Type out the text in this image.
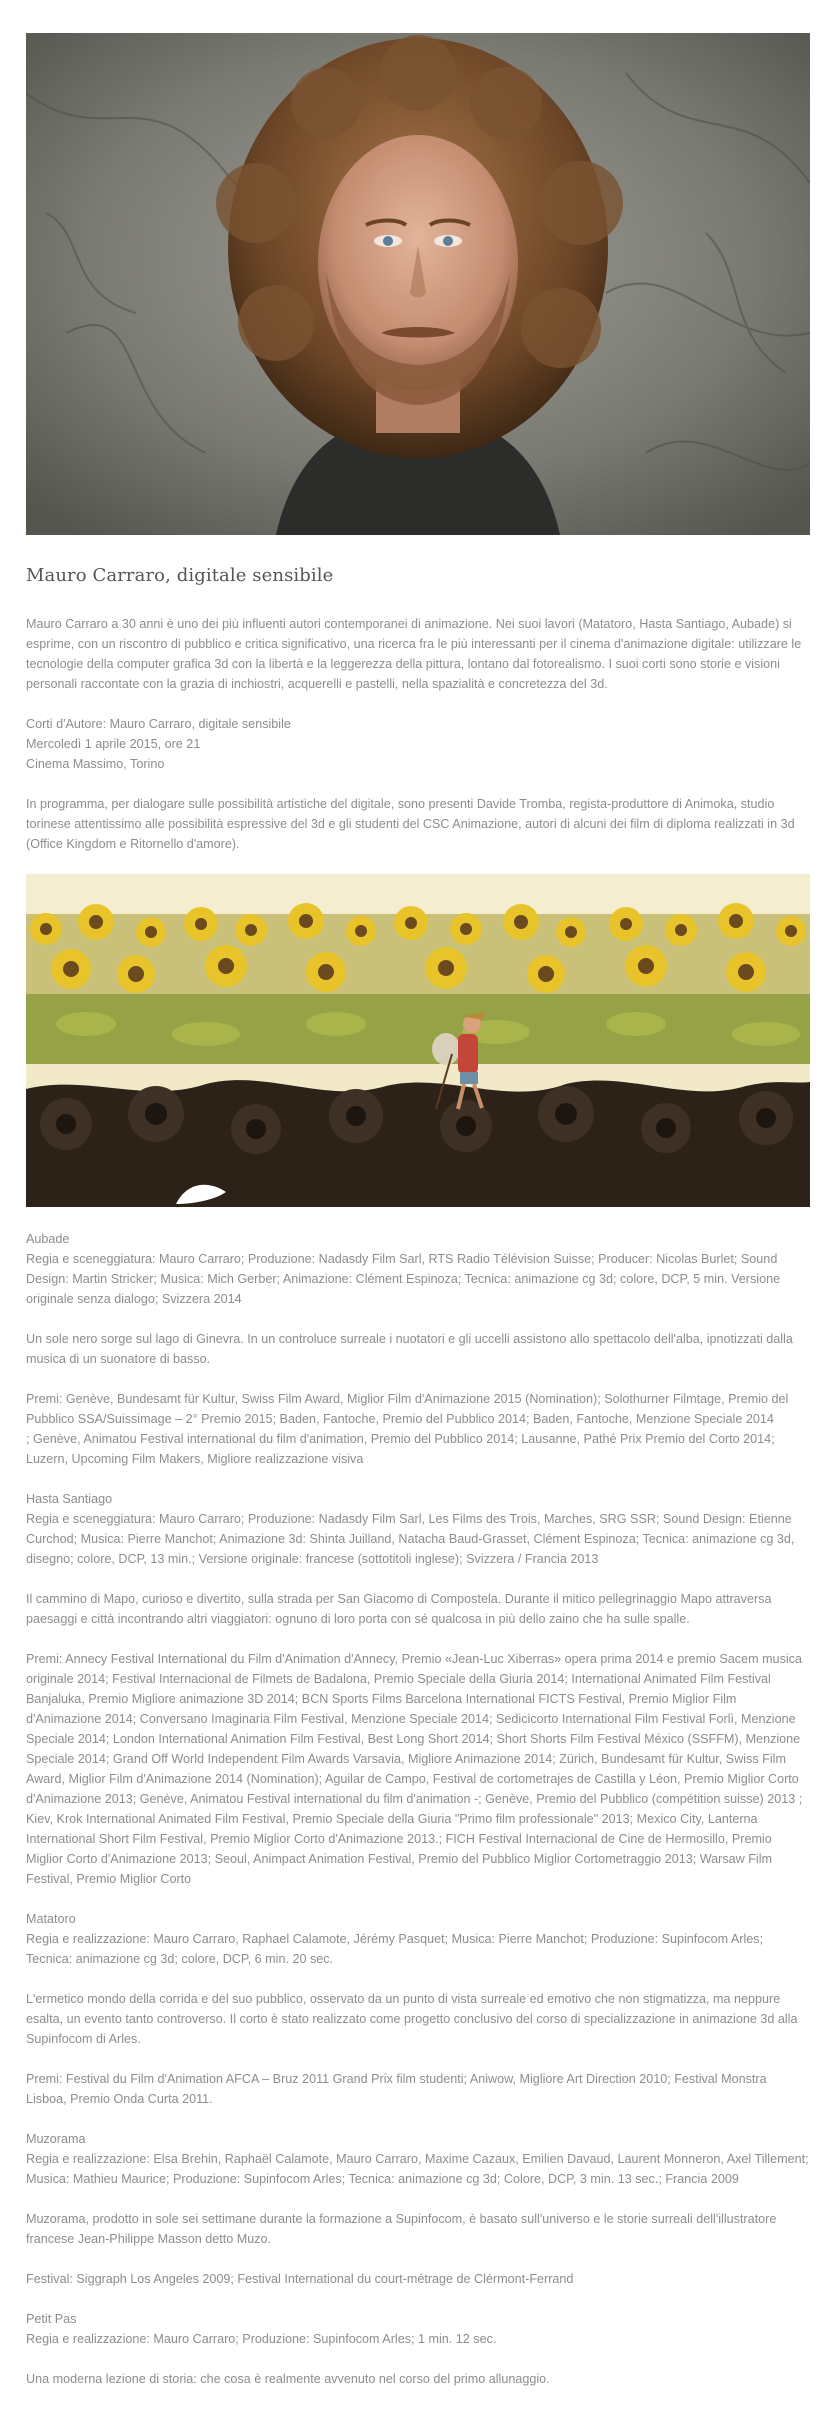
Mauro Carraro, digitale sensibile

Mauro Carraro a 30 anni è uno dei più influenti autori contemporanei di animazione. Nei suoi lavori (Matatoro, Hasta Santiago, Aubade) si esprime, con un riscontro di pubblico e critica significativo, una ricerca fra le più interessanti per il cinema d'animazione digitale: utilizzare le tecnologie della computer grafica 3d con la libertà e la leggerezza della pittura, lontano dal fotorealismo. I suoi corti sono storie e visioni personali raccontate con la grazia di inchiostri, acquerelli e pastelli, nella spazialità e concretezza del 3d.

Corti d'Autore: Mauro Carraro, digitale sensibile
Mercoledì 1 aprile 2015, ore 21
Cinema Massimo, Torino

In programma, per dialogare sulle possibilità artistiche del digitale, sono presenti Davide Tromba, regista-produttore di Animoka, studio torinese attentissimo alle possibilità espressive del 3d e gli studenti del CSC Animazione, autori di alcuni dei film di diploma realizzati in 3d (Office Kingdom e Ritornello d'amore).

Aubade
Regia e sceneggiatura: Mauro Carraro; Produzione: Nadasdy Film Sarl, RTS Radio Télévision Suisse; Producer: Nicolas Burlet; Sound Design: Martin Stricker; Musica: Mich Gerber; Animazione: Clément Espinoza; Tecnica: animazione cg 3d; colore, DCP, 5 min. Versione
originale senza dialogo; Svizzera 2014

Un sole nero sorge sul lago di Ginevra. In un controluce surreale i nuotatori e gli uccelli assistono allo spettacolo dell'alba, ipnotizzati dalla musica di un suonatore di basso.

Premi: Genève, Bundesamt für Kultur, Swiss Film Award, Miglior Film d'Animazione 2015 (Nomination); Solothurner Filmtage, Premio del Pubblico SSA/Suissimage – 2° Premio 2015; Baden, Fantoche, Premio del Pubblico 2014; Baden, Fantoche, Menzione Speciale 2014
; Genève, Animatou Festival international du film d'animation, Premio del Pubblico 2014; Lausanne, Pathé Prix Premio del Corto 2014; Luzern, Upcoming Film Makers, Migliore realizzazione visiva

Hasta Santiago
Regia e sceneggiatura: Mauro Carraro; Produzione: Nadasdy Film Sarl, Les Films des Trois, Marches, SRG SSR; Sound Design: Etienne Curchod; Musica: Pierre Manchot; Animazione 3d: Shinta Juilland, Natacha Baud-Grasset, Clément Espinoza; Tecnica: animazione cg 3d, disegno; colore, DCP, 13 min.; Versione originale: francese (sottotitoli inglese); Svizzera / Francia 2013

Il cammino di Mapo, curioso e divertito, sulla strada per San Giacomo di Compostela. Durante il mitico pellegrinaggio Mapo attraversa paesaggi e città incontrando altri viaggiatori: ognuno di loro porta con sé qualcosa in più dello zaino che ha sulle spalle.

Premi: Annecy Festival International du Film d'Animation d'Annecy, Premio «Jean-Luc Xiberras» opera prima 2014 e premio Sacem musica originale 2014; Festival Internacional de Filmets de Badalona, Premio Speciale della Giuria 2014; International Animated Film Festival Banjaluka, Premio Migliore animazione 3D 2014; BCN Sports Films Barcelona International FICTS Festival, Premio Miglior Film d'Animazione 2014; Conversano Imaginaria Film Festival, Menzione Speciale 2014; Sedicicorto International Film Festival Forlì, Menzione Speciale 2014; London International Animation Film Festival, Best Long Short 2014; Short Shorts Film Festival México (SSFFM), Menzione Speciale 2014; Grand Off World Independent Film Awards Varsavia, Migliore Animazione 2014; Zürich, Bundesamt für Kultur, Swiss Film Award, Miglior Film d'Animazione 2014 (Nomination); Aguilar de Campo, Festival de cortometrajes de Castilla y Léon, Premio Miglior Corto d'Animazione 2013; Genève, Animatou Festival international du film d'animation -; Genève, Premio del Pubblico (compétition suisse) 2013 ; Kiev, Krok International Animated Film Festival, Premio Speciale della Giuria "Primo film professionale" 2013; Mexico City, Lanterna International Short Film Festival, Premio Miglior Corto d'Animazione 2013.; FICH Festival Internacional de Cine de Hermosillo, Premio Miglior Corto d'Animazione 2013; Seoul, Animpact Animation Festival, Premio del Pubblico Miglior Cortometraggio 2013; Warsaw Film Festival, Premio Miglior Corto

Matatoro
Regia e realizzazione: Mauro Carraro, Raphael Calamote, Jérémy Pasquet; Musica: Pierre Manchot; Produzione: Supinfocom Arles; Tecnica: animazione cg 3d; colore, DCP, 6 min. 20 sec.

L'ermetico mondo della corrida e del suo pubblico, osservato da un punto di vista surreale ed emotivo che non stigmatizza, ma neppure esalta, un evento tanto controverso. Il corto è stato realizzato come progetto conclusivo del corso di specializzazione in animazione 3d alla Supinfocom di Arles.

Premi: Festival du Film d'Animation AFCA – Bruz 2011 Grand Prix film studenti; Aniwow, Migliore Art Direction 2010; Festival Monstra Lisboa, Premio Onda Curta 2011.

Muzorama
Regia e realizzazione: Elsa Brehin, Raphaël Calamote, Mauro Carraro, Maxime Cazaux, Emilien Davaud, Laurent Monneron, Axel Tillement; Musica: Mathieu Maurice; Produzione: Supinfocom Arles; Tecnica: animazione cg 3d; Colore, DCP, 3 min. 13 sec.; Francia 2009

Muzorama, prodotto in sole sei settimane durante la formazione a Supinfocom, è basato sull'universo e le storie surreali dell'illustratore francese Jean-Philippe Masson detto Muzo.

Festival: Siggraph Los Angeles 2009; Festival International du court-métrage de Clérmont-Ferrand

Petit Pas
Regia e realizzazione: Mauro Carraro; Produzione: Supinfocom Arles; 1 min. 12 sec.

Una moderna lezione di storia: che cosa è realmente avvenuto nel corso del primo allunaggio.
